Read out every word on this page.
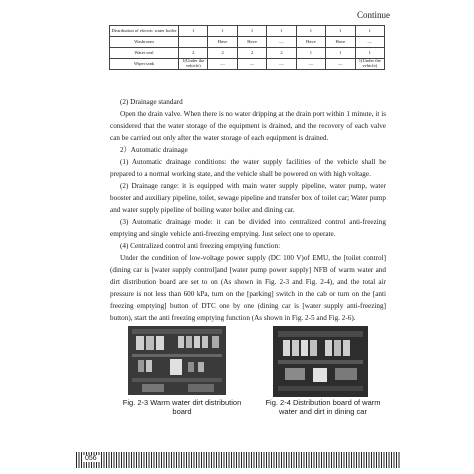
Continue
Distribution of electric water boiler	1	1	1	1	1	1	1
Washroom		Have	Have	—	Have	Have	—
Water seal	2	2	2	2	1	1	1
Wiper tank	1(Under the vehicle)	—	—	—	—	—	1(Under the vehicle)

(2) Drainage standard

Open the drain valve. When there is no water dripping at the drain port within 1 minute, it is considered that the water storage of the equipment is drained, and the recovery of each valve can be carried out only after the water storage of each equipment is drained.

2）Automatic drainage

(1) Automatic drainage conditions: the water supply facilities of the vehicle shall be prepared to a normal working state, and the vehicle shall be powered on with high voltage.

(2) Drainage range: it is equipped with main water supply pipeline, water pump, water booster and auxiliary pipeline, toilet, sewage pipeline and transfer box of toilet car; Water pump and water supply pipeline of boiling water boiler and dining car.

(3) Automatic drainage mode: it can be divided into centralized control anti-freezing emptying and single vehicle anti-freezing emptying. Just select one to operate.

(4) Centralized control anti freezing emptying function:

Under the condition of low-voltage power supply (DC 100 V)of EMU, the [toilet control] (dining car is [water supply control]and [water pump power supply] NFB of warm water and dirt distribution board are set to on (As shown in Fig. 2-3 and Fig. 2-4), and the total air pressure is not less than 600 kPa, turn on the [parking] switch in the cab or turn on the [anti freezing emptying] button of DTC one by one (dining car is [water supply anti-freezing] button), start the anti freezing emptying function (As shown in Fig. 2-5 and Fig. 2-6).

Fig. 2-3 Warm water dirt distribution board
Fig. 2-4 Distribution board of warm water and dirt in dining car
056
